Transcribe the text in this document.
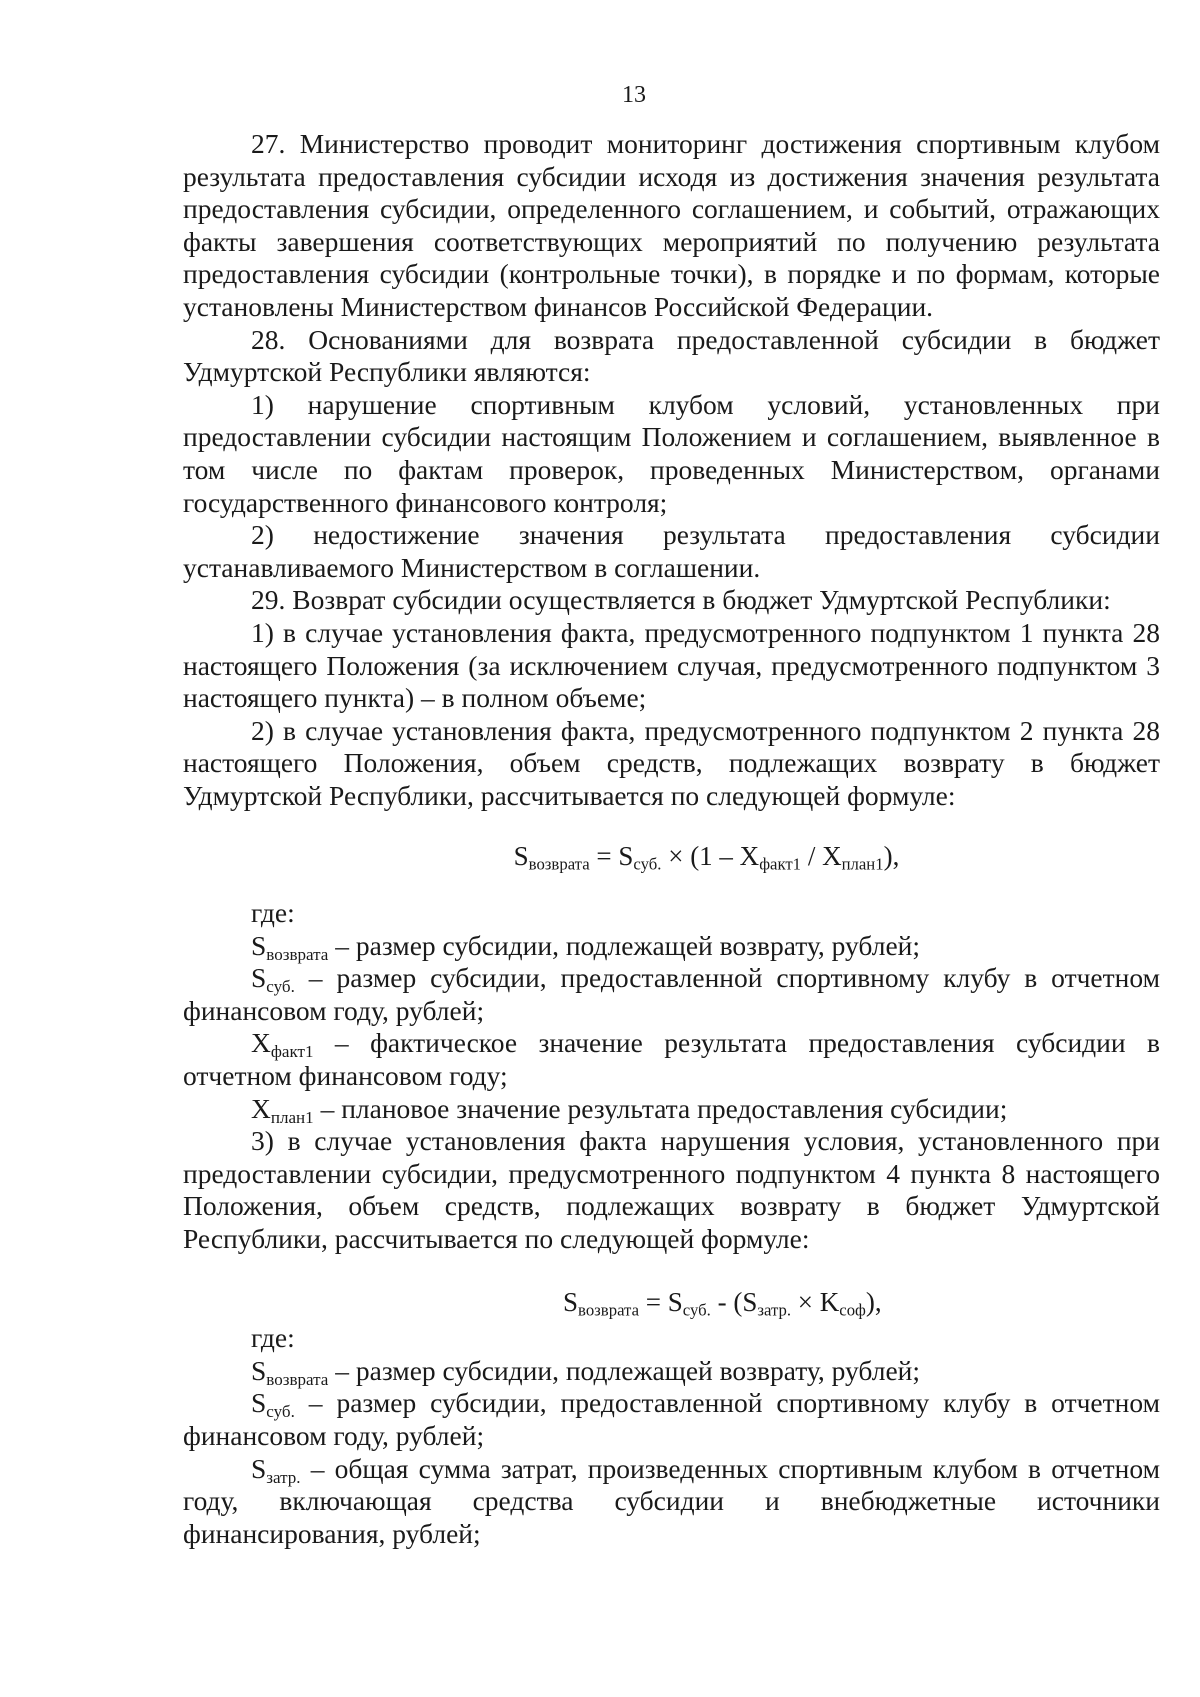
13

27. Министерство проводит мониторинг достижения спортивным клубом результата предоставления субсидии исходя из достижения значения результата предоставления субсидии, определенного соглашением, и событий, отражающих факты завершения соответствующих мероприятий по получению результата предоставления субсидии (контрольные точки), в порядке и по формам, которые установлены Министерством финансов Российской Федерации.

28. Основаниями для возврата предоставленной субсидии в бюджет Удмуртской Республики являются:

1) нарушение спортивным клубом условий, установленных при предоставлении субсидии настоящим Положением и соглашением, выявленное в том числе по фактам проверок, проведенных Министерством, органами государственного финансового контроля;

2) недостижение значения результата предоставления субсидии устанавливаемого Министерством в соглашении.

29. Возврат субсидии осуществляется в бюджет Удмуртской Республики:

1) в случае установления факта, предусмотренного подпунктом 1 пункта 28 настоящего Положения (за исключением случая, предусмотренного подпунктом 3 настоящего пункта) – в полном объеме;

2) в случае установления факта, предусмотренного подпунктом 2 пункта 28 настоящего Положения, объем средств, подлежащих возврату в бюджет Удмуртской Республики, рассчитывается по следующей формуле:

$S_{возврата} = S_{суб.} \times (1 - X_{факт1} / X_{план1})$,

где:

$S_{возврата}$ – размер субсидии, подлежащей возврату, рублей;

$S_{суб.}$ – размер субсидии, предоставленной спортивному клубу в отчетном финансовом году, рублей;

$X_{факт1}$ – фактическое значение результата предоставления субсидии в отчетном финансовом году;

$X_{план1}$ – плановое значение результата предоставления субсидии;

3) в случае установления факта нарушения условия, установленного при предоставлении субсидии, предусмотренного подпунктом 4 пункта 8 настоящего Положения, объем средств, подлежащих возврату в бюджет Удмуртской Республики, рассчитывается по следующей формуле:

$S_{возврата} = S_{суб.} - (S_{затр.} \times K_{соф})$,

где:

$S_{возврата}$ – размер субсидии, подлежащей возврату, рублей;

$S_{суб.}$ – размер субсидии, предоставленной спортивному клубу в отчетном финансовом году, рублей;

$S_{затр.}$ – общая сумма затрат, произведенных спортивным клубом в отчетном году, включающая средства субсидии и внебюджетные источники финансирования, рублей;
